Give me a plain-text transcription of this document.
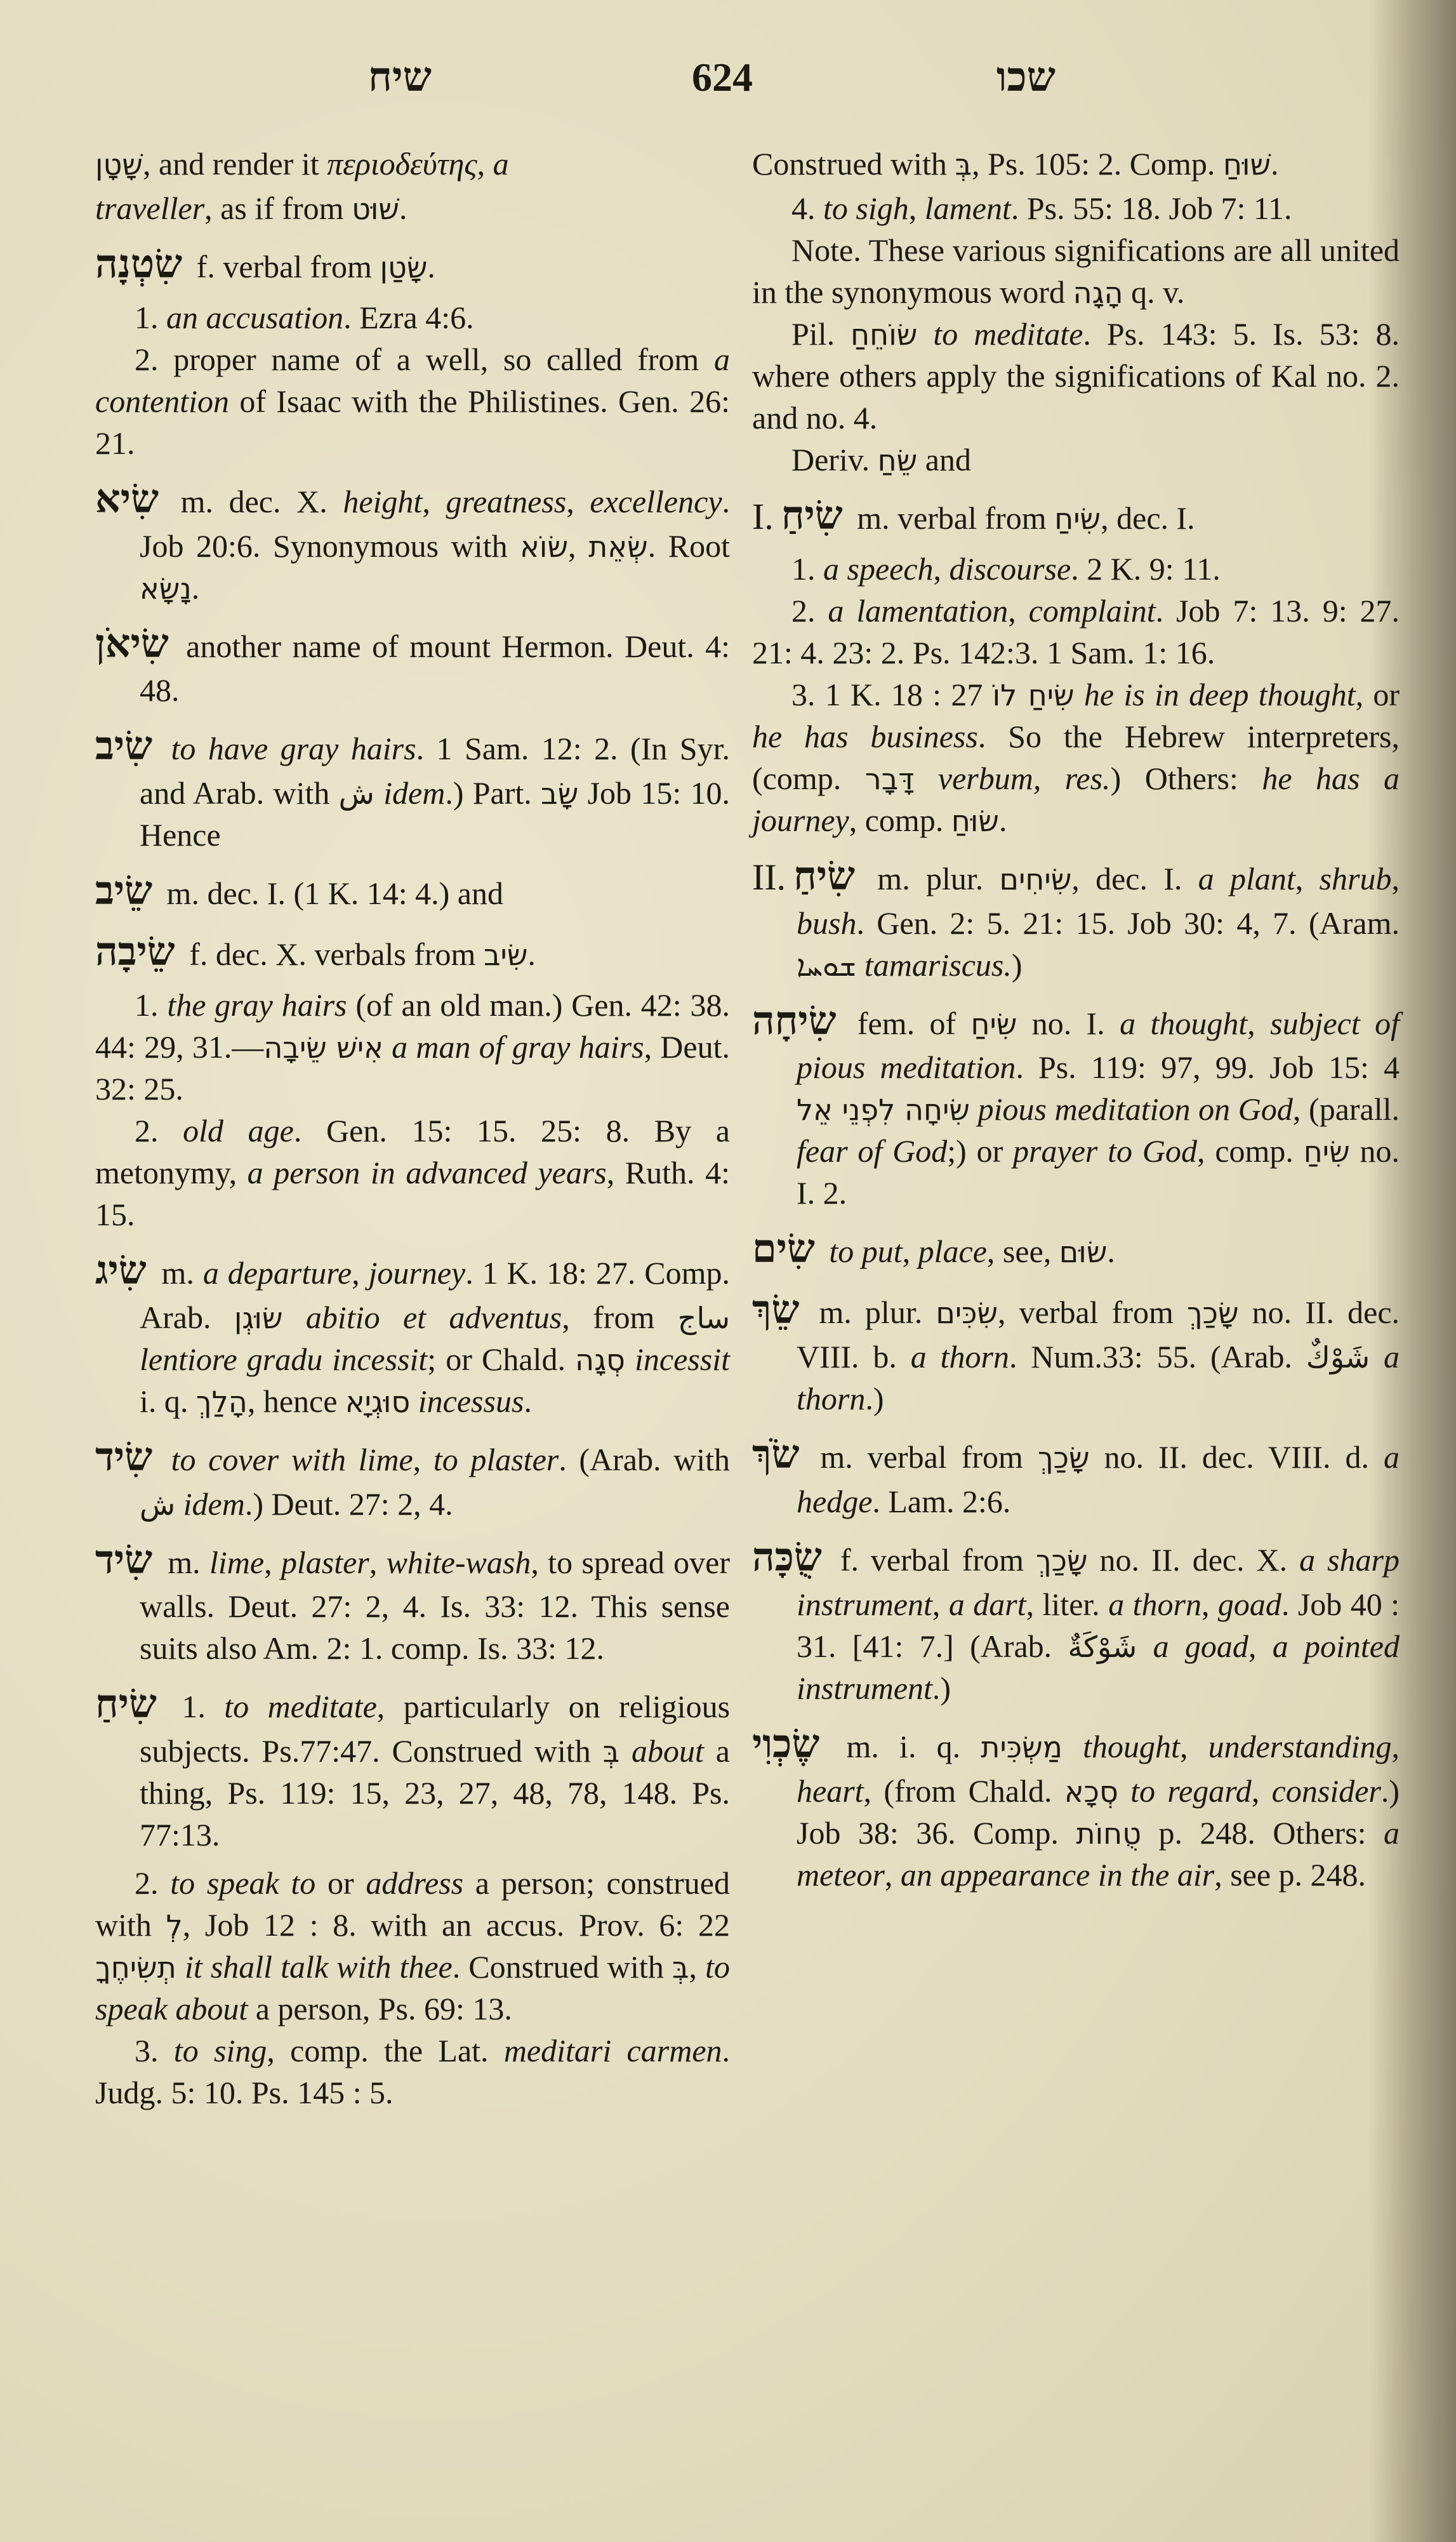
שיח	624	שכו

שָׁטָן, and render it περιοδεύτης, a

traveller, as if from שׁוּט.

שִׂטְנָה f. verbal from שָׂטַן.

1. an accusation. Ezra 4:6.

2. proper name of a well, so called from a contention of Isaac with the Philistines. Gen. 26: 21.

שִׂיא m. dec. X. height, greatness, excellency. Job 20:6. Synonymous with שׂוֹא, שְׂאֵת. Root נָשָׂא.

שִׂיאֹן another name of mount Hermon. Deut. 4: 48.

שִׂיב to have gray hairs. 1 Sam. 12: 2. (In Syr. and Arab. with ش idem.) Part. שָׂב Job 15: 10. Hence

שֵׂיב m. dec. I. (1 K. 14: 4.) and

שֵׂיבָה f. dec. X. verbals from שִׂיב.

1. the gray hairs (of an old man.) Gen. 42: 38. 44: 29, 31.—אִישׁ שֵׂיבָה a man of gray hairs, Deut. 32: 25.

2. old age. Gen. 15: 15. 25: 8. By a metonymy, a person in advanced years, Ruth. 4: 15.

שִׂיג m. a departure, journey. 1 K. 18: 27. Comp. Arab. שׂוּגְן abitio et adventus, from ساج lentiore gradu incessit; or Chald. סְגָה incessit i. q. הָלַךְ, hence סוּגְיָא incessus.

שִׂיד to cover with lime, to plaster. (Arab. with ش idem.) Deut. 27: 2, 4.

שִׂיד m. lime, plaster, white-wash, to spread over walls. Deut. 27: 2, 4. Is. 33: 12. This sense suits also Am. 2: 1. comp. Is. 33: 12.

שִׂיחַ 1. to meditate, particularly on religious subjects. Ps.77:47. Construed with בְּ about a thing, Ps. 119: 15, 23, 27, 48, 78, 148. Ps. 77:13.

2. to speak to or address a person; construed with לְ, Job 12 : 8. with an accus. Prov. 6: 22 תְשִׂיחֶךָ it shall talk with thee. Construed with בְּ, to speak about a person, Ps. 69: 13.

3. to sing, comp. the Lat. meditari carmen. Judg. 5: 10. Ps. 145 : 5.

Construed with בְּ, Ps. 105: 2. Comp. שׁוּחַ.

4. to sigh, lament. Ps. 55: 18. Job 7: 11.

Note. These various significations are all united in the synonymous word הָגָה q. v.

Pil. שׂוֹחֵחַ to meditate. Ps. 143: 5. Is. 53: 8. where others apply the significations of Kal no. 2. and no. 4.

Deriv. שֵׂחַ and

I. שִׂיחַ m. verbal from שִׂיחַ, dec. I.

1. a speech, discourse. 2 K. 9: 11.

2. a lamentation, complaint. Job 7: 13. 9: 27. 21: 4. 23: 2. Ps. 142:3. 1 Sam. 1: 16.

3. 1 K. 18 : 27 שִׂיחַ לוֹ he is in deep thought, or he has business. So the Hebrew interpreters, (comp. דָּבָר verbum, res.) Others: he has a journey, comp. שׂוּחַ.

II. שִׂיחַ m. plur. שִׂיחִים, dec. I. a plant, shrub, bush. Gen. 2: 5. 21: 15. Job 30: 4, 7. (Aram. ܫܘܚܐ tamariscus.)

שִׂיחָה fem. of שִׂיחַ no. I. a thought, subject of pious meditation. Ps. 119: 97, 99. Job 15: 4 שִׂיחָה לִפְנֵי אֵל pious meditation on God, (parall. fear of God;) or prayer to God, comp. שִׂיחַ no. I. 2.

שִׂים to put, place, see, שׂוּם.

שֵׂךְ m. plur. שִׂכִּים, verbal from שָׂכַךְ no. II. dec. VIII. b. a thorn. Num.33: 55. (Arab. شَوْكٌ a thorn.)

שֹׂךְ m. verbal from שָׂכַךְ no. II. dec. VIII. d. a hedge. Lam. 2:6.

שֻׂכָּה f. verbal from שָׂכַךְ no. II. dec. X. a sharp instrument, a dart, liter. a thorn, goad. Job 40 : 31. [41: 7.] (Arab. شَوْكَةٌ a goad, a pointed instrument.)

שֶׂכְוִי m. i. q. מַשְׂכִּית thought, understanding, heart, (from Chald. סְכָא to regard, consider.) Job 38: 36. Comp. טֻחוֹת p. 248. Others: a meteor, an appearance in the air, see p. 248.
